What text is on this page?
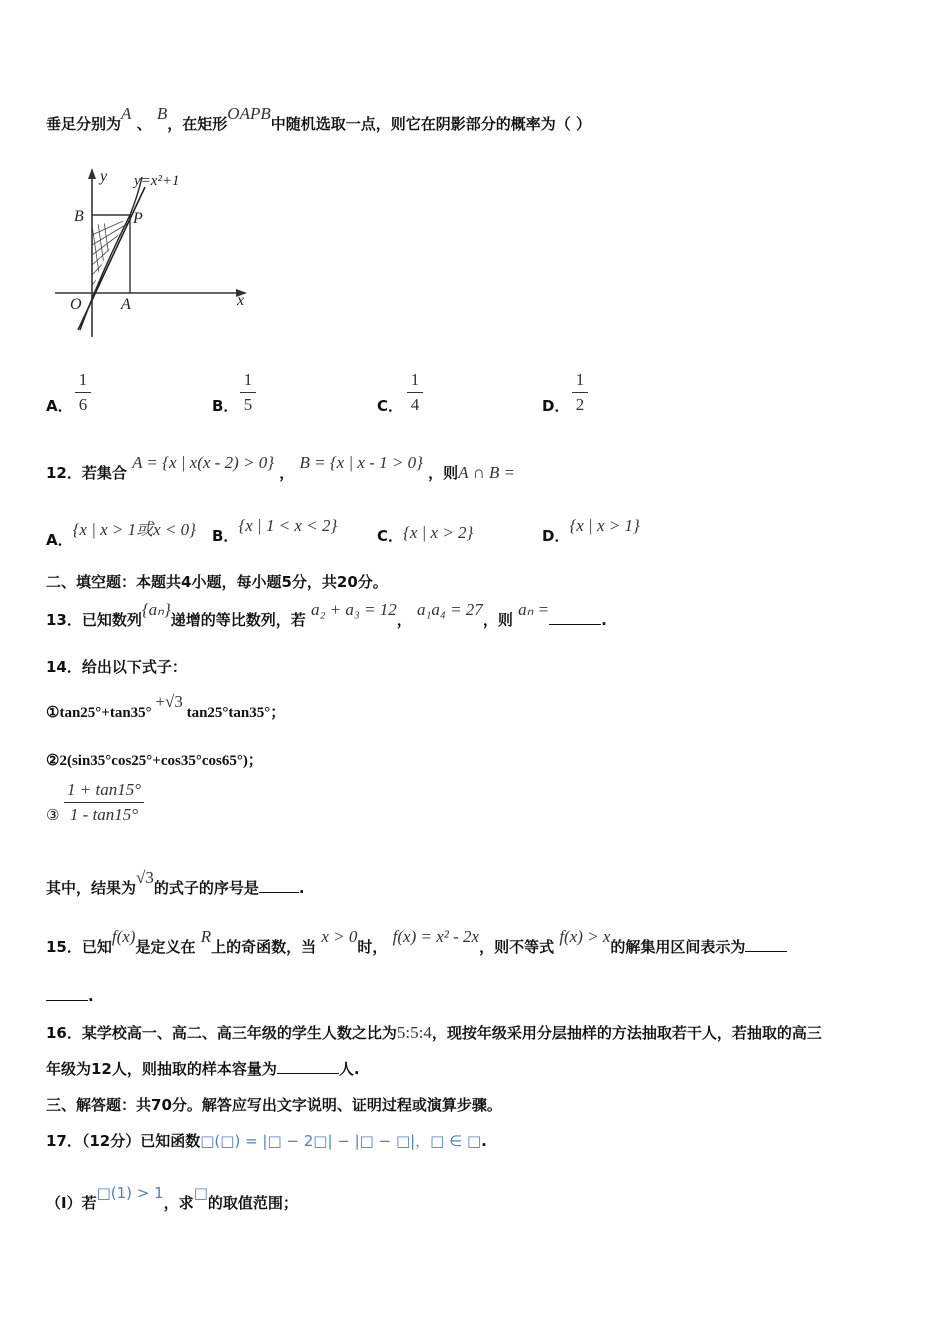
垂足分别为A 、 B，在矩形OAPB中随机选取一点，则它在阴影部分的概率为（ ）
y y=x²+1
B	P
O A	x
A． $\frac{1}{6}$	B． $\frac{1}{5}$	C． $\frac{1}{4}$	D． $\frac{1}{2}$
12．若集合 A = {x | x(x - 2) > 0} ， B = {x | x - 1 > 0} ，则A ∩ B =
A．{x | x > 1或x < 0} B．{x | 1 < x < 2}
C．{x | x > 2}	D．{x | x > 1}
二、填空题：本题共4小题，每小题5分，共20分。
13．已知数列{aₙ}递增的等比数列，若 a₂ + a₃ = 12， a₁a₄ = 27，则 aₙ =.
14．给出以下式子：
①tan25°+tan35° +√3 tan25°tan35°；
②2(sin35°cos25°+cos35°cos65°)；
③ $\frac{1 + \tan 15^\circ}{1 - \tan 15^\circ}$
其中，结果为√3的式子的序号是	.
15．已知f(x)是定义在 R上的奇函数，当 x > 0时， f(x) = x² - 2x，则不等式 f(x) > x的解集用区间表示为
.
16．某学校高一、高二、高三年级的学生人数之比为5:5:4，现按年级采用分层抽样的方法抽取若干人，若抽取的高三
年级为12人，则抽取的样本容量为	人.
三、解答题：共70分。解答应写出文字说明、证明过程或演算步骤。
17．（12分）已知函数□(□) = |□ − 2□| − |□ − □|，□ ∈ □.
（Ⅰ）若□(1) > 1，求□的取值范围；
